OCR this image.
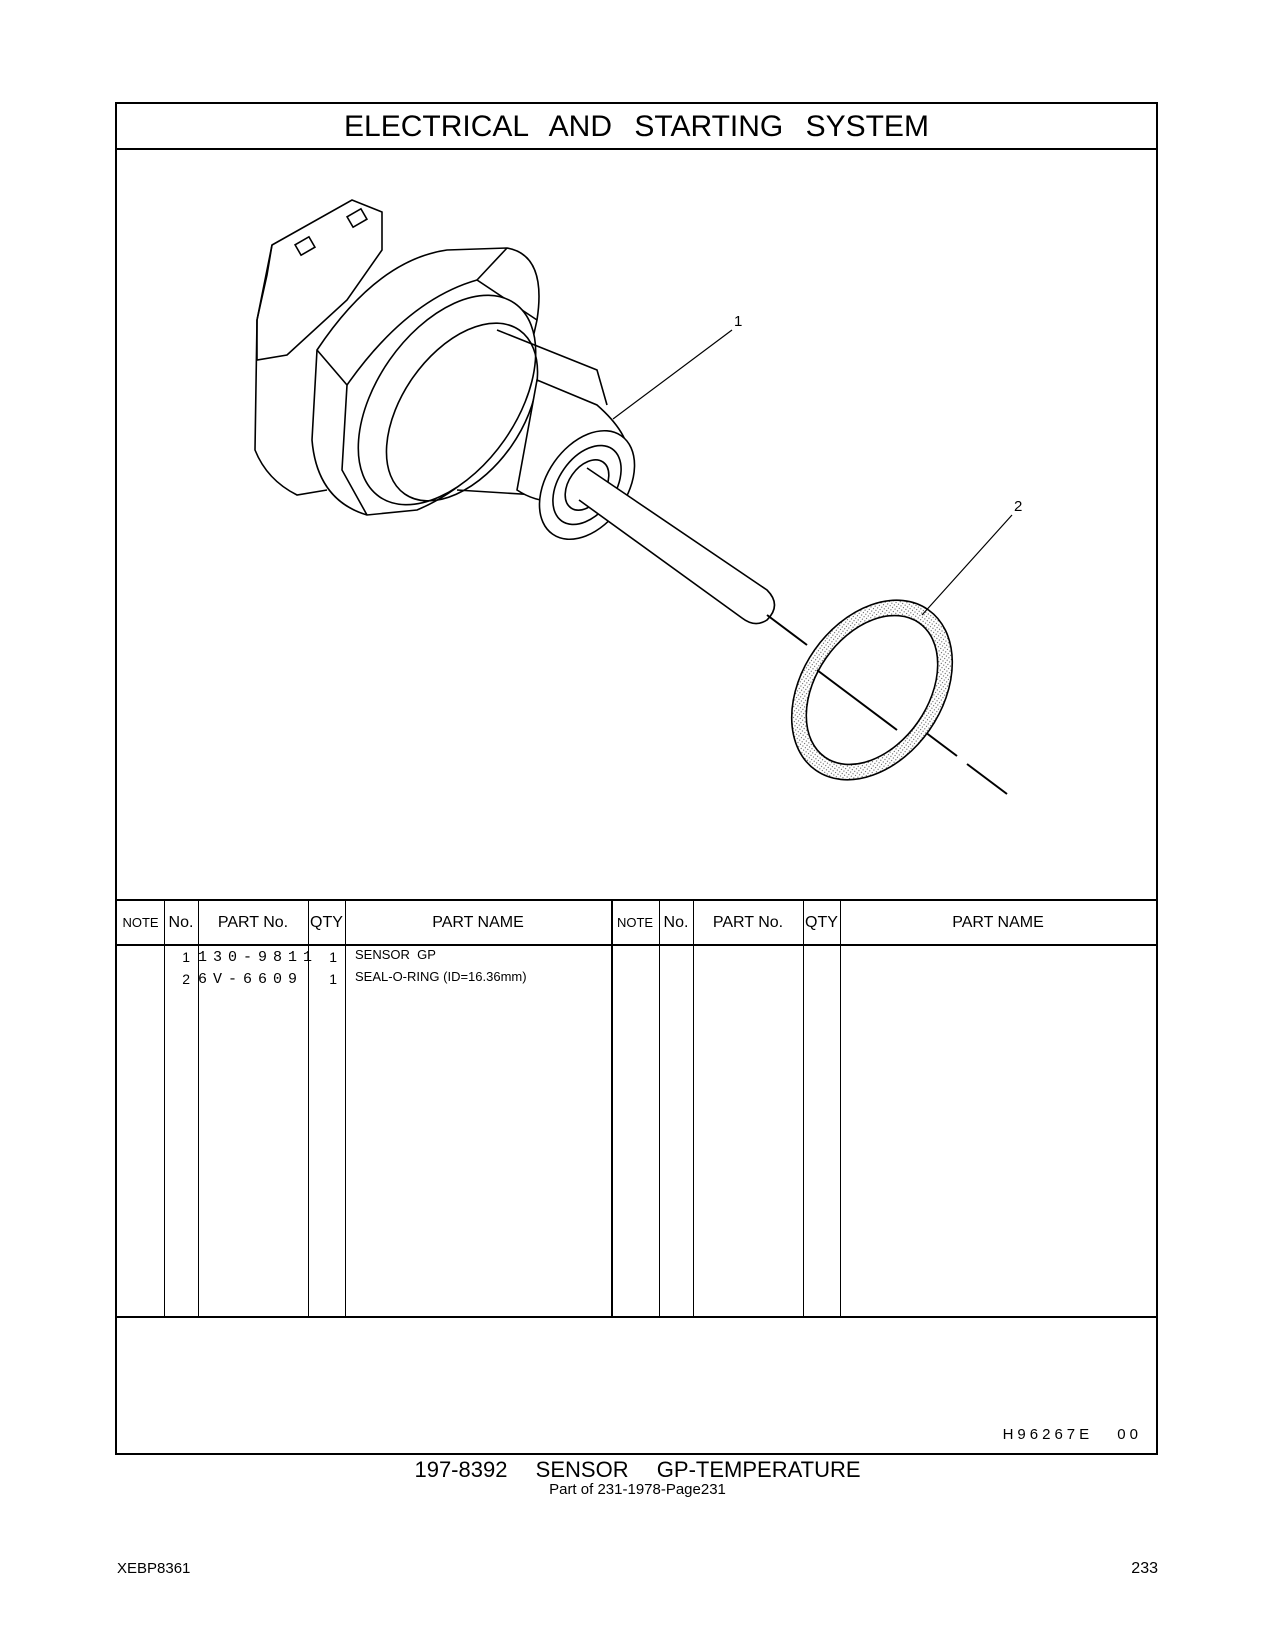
ELECTRICAL AND STARTING SYSTEM
1
2
NOTE No.	PART No.	QTY	PART NAME	NOTE No.	PART No.	QTY	PART NAME
1 130-9811 1 SENSOR  GP
2 6V-6609	1 SEAL-O-RING (ID=16.36mm)
H96267E 00
197-8392  SENSOR  GP-TEMPERATURE
Part of 231-1978-Page231
XEBP8361	233
